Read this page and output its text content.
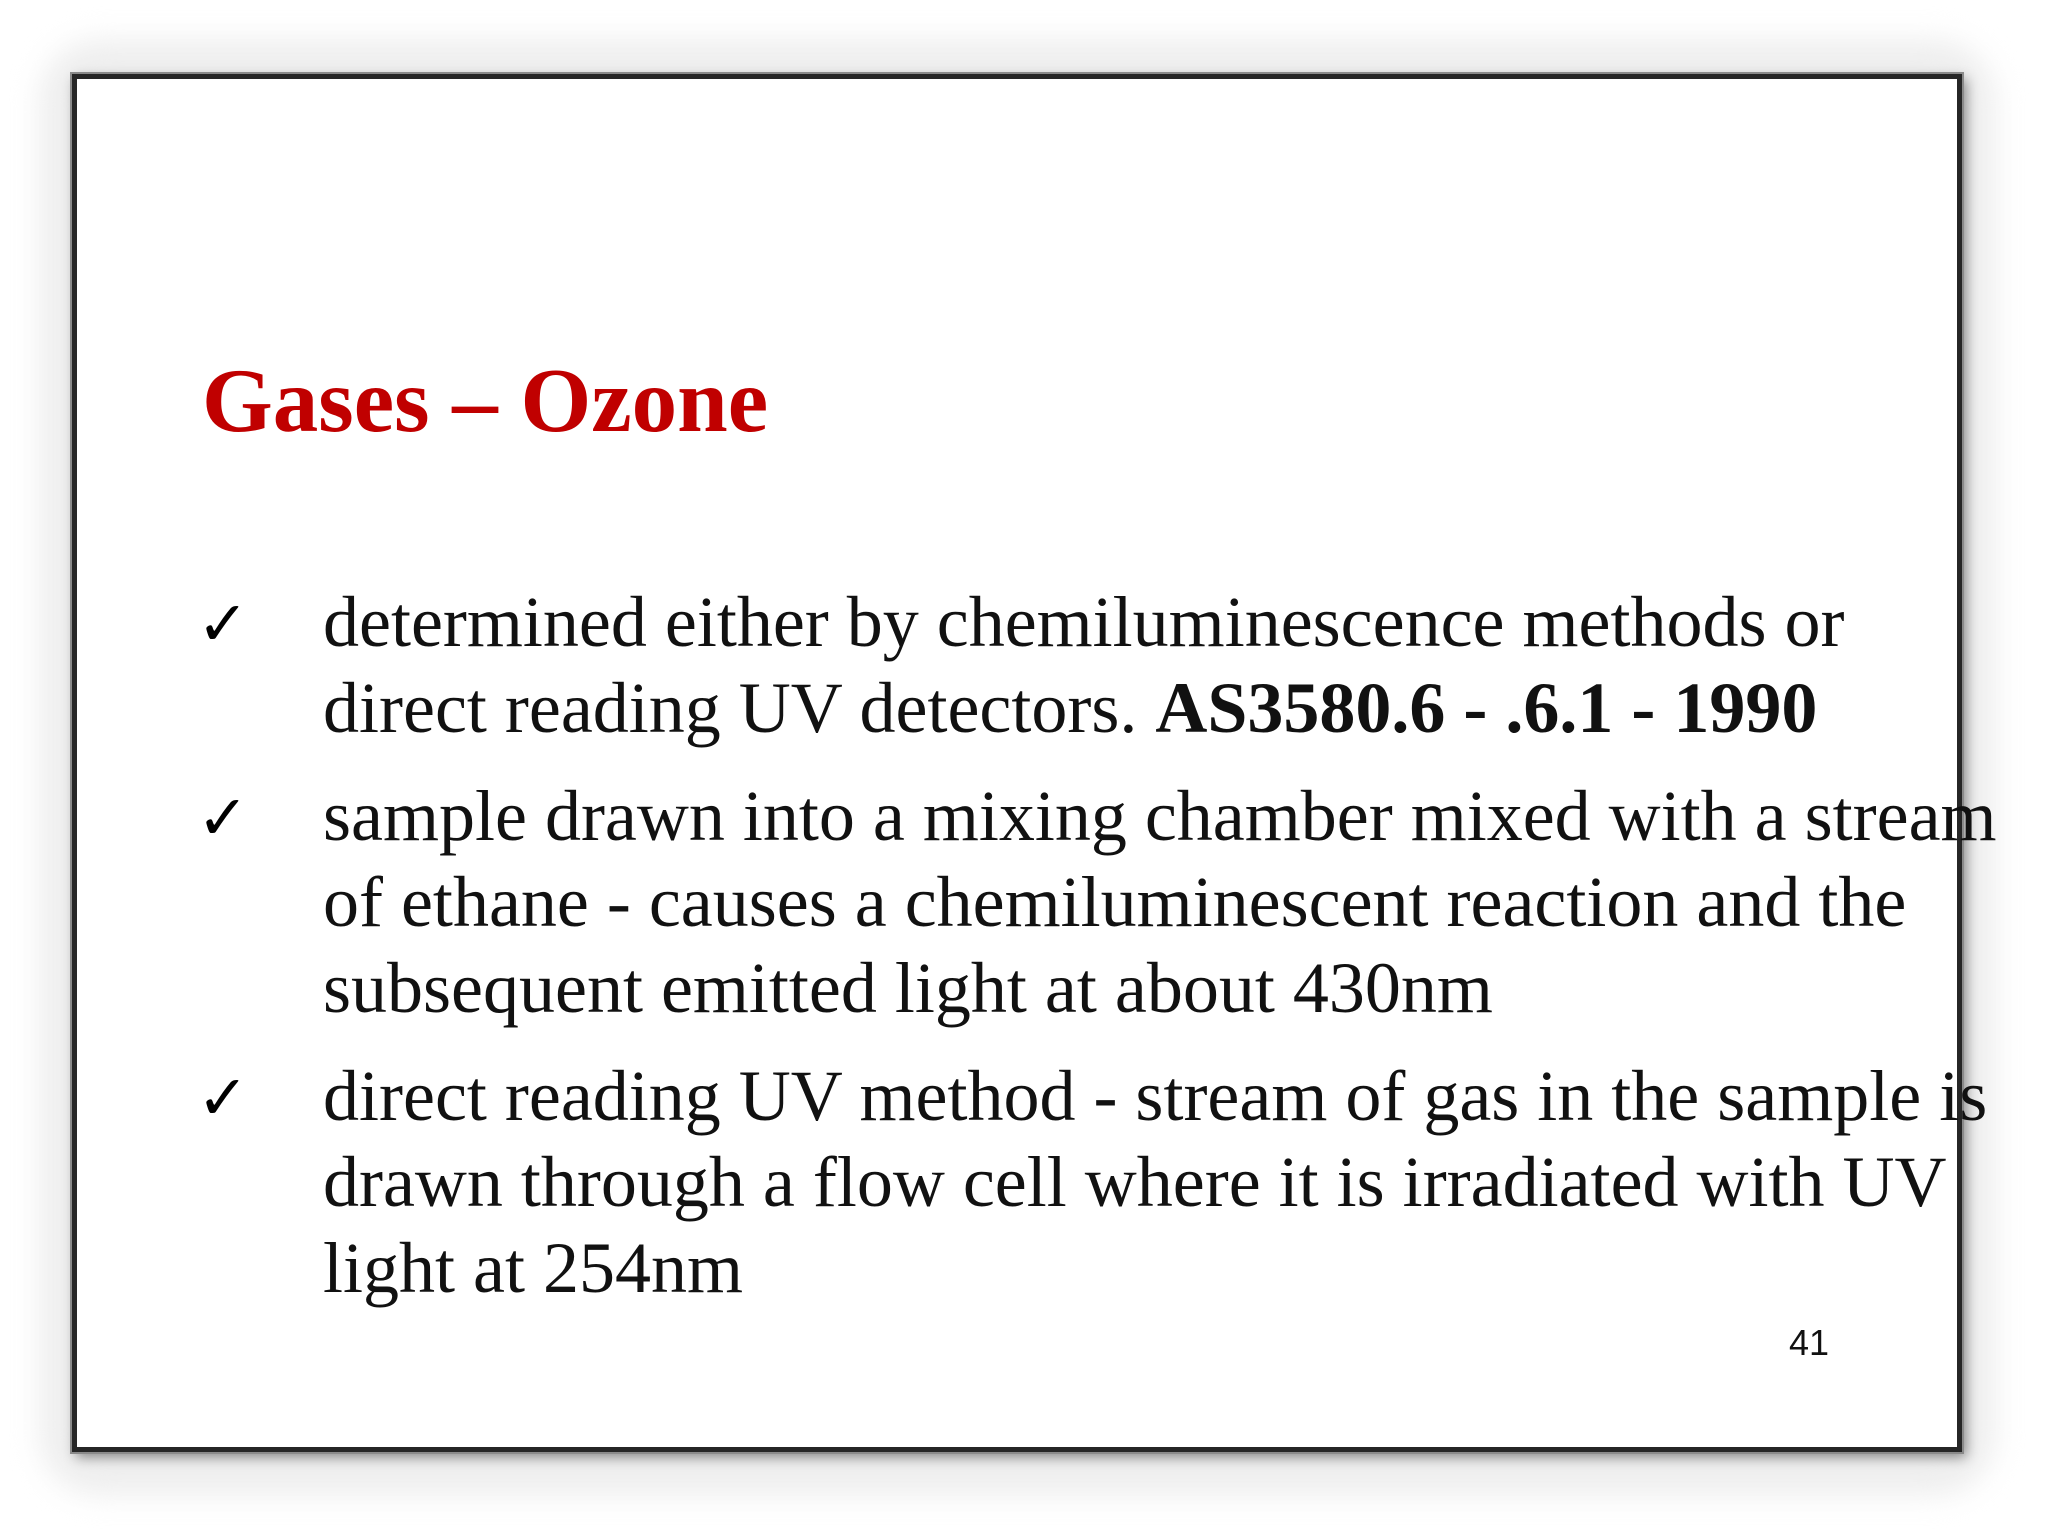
Gases – Ozone
✓ determined either by chemiluminescence methods or direct reading UV detectors. AS3580.6 - .6.1 - 1990
✓ sample drawn into a mixing chamber mixed with a stream of ethane - causes a chemiluminescent reaction and the subsequent emitted light at about 430nm
✓ direct reading UV method - stream of gas in the sample is drawn through a flow cell where it is irradiated with UV light at 254nm
41
